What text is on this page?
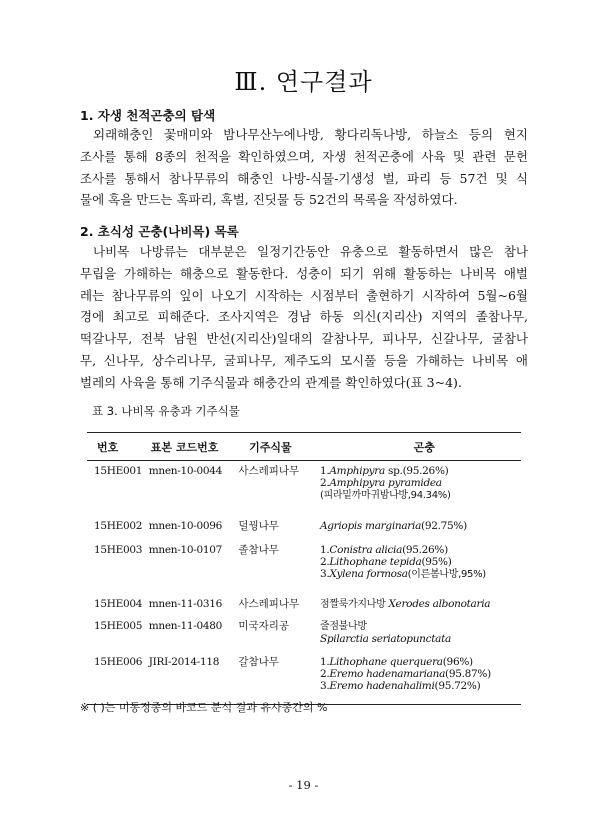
Ⅲ. 연구결과
1. 자생 천적곤충의 탐색
외래해충인 꽃매미와 밤나무산누에나방, 황다리독나방, 하늘소 등의 현지
조사를 통해 8종의 천적을 확인하였으며, 자생 천적곤충에 사육 및 관련 문헌
조사를 통해서 참나무류의 해충인 나방-식물-기생성 벌, 파리 등 57건 및 식
물에 혹을 만드는 혹파리, 혹벌, 진딧물 등 52건의 목록을 작성하였다.
2. 초식성 곤충(나비목) 목록
나비목 나방류는 대부분은 일정기간동안 유충으로 활동하면서 많은 참나
무립을 가해하는 해충으로 활동한다. 성충이 되기 위해 활동하는 나비목 애벌
레는 참나무류의 잎이 나오기 시작하는 시점부터 출현하기 시작하여 5월~6월
경에 최고로 피해준다. 조사지역은 경남 하동 의신(지리산) 지역의 졸참나무,
떡갈나무, 전북 남원 반선(지리산)일대의 갈참나무, 피나무, 신갈나무, 굴참나
무, 신나무, 상수리나무, 굴피나무, 제주도의 모시풀 등을 가해하는 나비목 애
벌레의 사육을 통해 기주식물과 해충간의 관계를 확인하였다(표 3~4).
표 3. 나비목 유충과 기주식물
번호	표본 코드번호	기주식물	곤충
15HE001 mnen-10-0044	사스레피나무	1.Amphipyra sp.(95.26%)
2.Amphipyra pyramidea
(피라밑까마귀밤나방,94.34%)
15HE002 mnen-10-0096	덜꿩나무	Agriopis marginaria(92.75%)
15HE003 mnen-10-0107	졸참나무	1.Conistra alicia(95.26%)
2.Lithophane tepida(95%)
3.Xylena formosa(이른봄나방,95%)
15HE004 mnen-11-0316	사스레피나무	점짤룩가지나방 Xerodes albonotaria
15HE005 mnen-11-0480	미국자리공	줄점불나방
Spilarctia seriatopunctata
15HE006 JIRI-2014-118	갈참나무	1.Lithophane querquera(96%)
2.Eremo hadenamariana(95.87%)
3.Eremo hadenahalimi(95.72%)
※ ( )는 미동정종의 바코드 분석 결과 유사종간의 %
- 19 -
